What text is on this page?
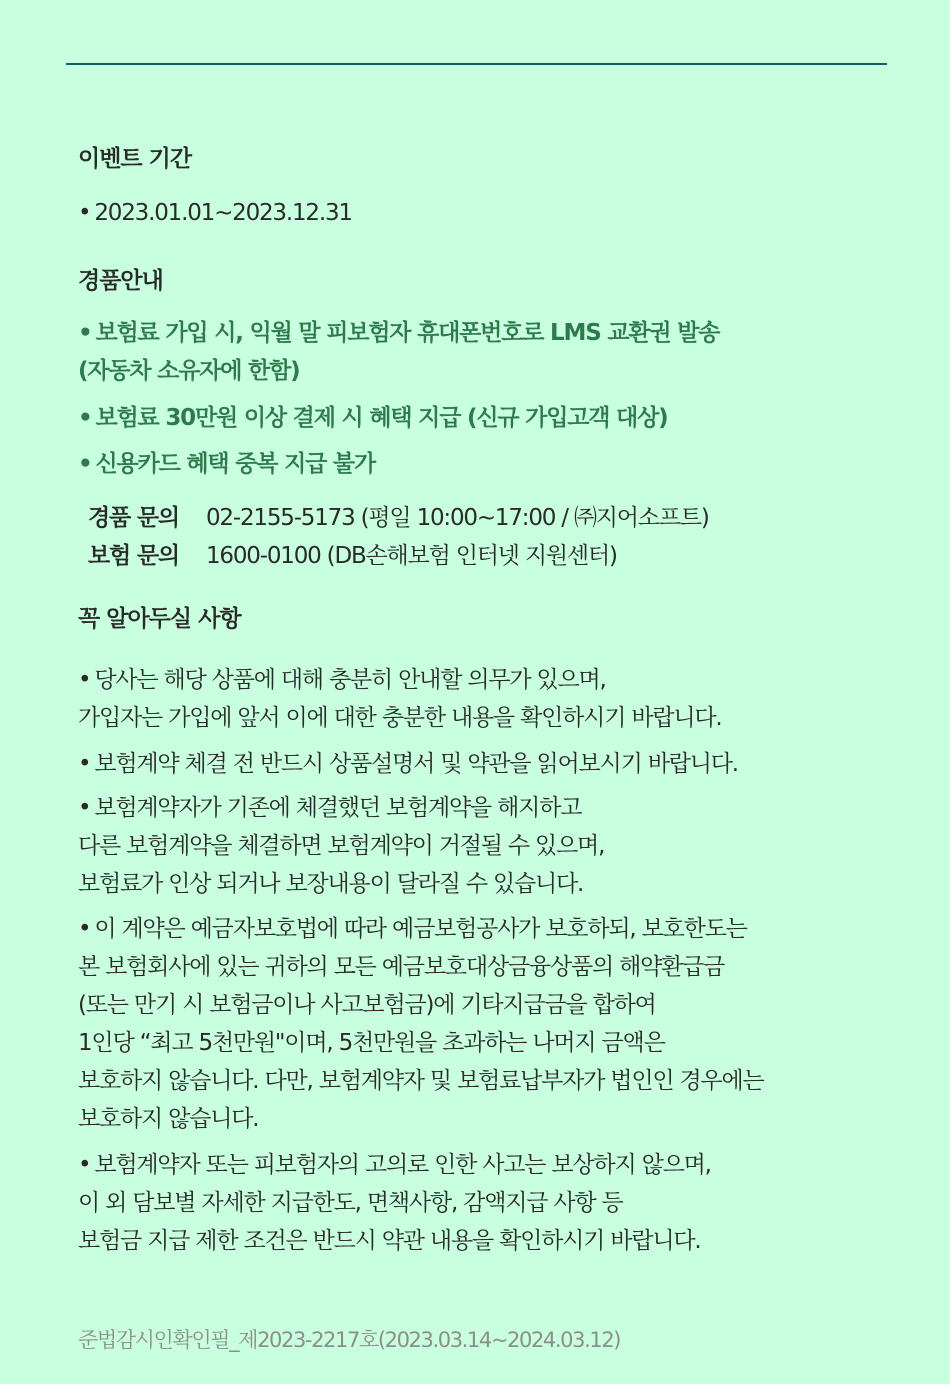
이벤트 기간
• 2023.01.01~2023.12.31
경품안내
• 보험료 가입 시, 익월 말 피보험자 휴대폰번호로 LMS 교환권 발송
(자동차 소유자에 한함)
• 보험료 30만원 이상 결제 시 혜택 지급 (신규 가입고객 대상)
• 신용카드 혜택 중복 지급 불가
경품 문의 02-2155-5173 (평일 10:00~17:00 / ㈜지어소프트)
보험 문의 1600-0100 (DB손해보험 인터넷 지원센터)
꼭 알아두실 사항
• 당사는 해당 상품에 대해 충분히 안내할 의무가 있으며,
가입자는 가입에 앞서 이에 대한 충분한 내용을 확인하시기 바랍니다.
• 보험계약 체결 전 반드시 상품설명서 및 약관을 읽어보시기 바랍니다.
• 보험계약자가 기존에 체결했던 보험계약을 해지하고
다른 보험계약을 체결하면 보험계약이 거절될 수 있으며,
보험료가 인상 되거나 보장내용이 달라질 수 있습니다.
• 이 계약은 예금자보호법에 따라 예금보험공사가 보호하되, 보호한도는
본 보험회사에 있는 귀하의 모든 예금보호대상금융상품의 해약환급금
(또는 만기 시 보험금이나 사고보험금)에 기타지급금을 합하여
1인당 “최고 5천만원"이며, 5천만원을 초과하는 나머지 금액은
보호하지 않습니다. 다만, 보험계약자 및 보험료납부자가 법인인 경우에는
보호하지 않습니다.
• 보험계약자 또는 피보험자의 고의로 인한 사고는 보상하지 않으며,
이 외 담보별 자세한 지급한도, 면책사항, 감액지급 사항 등
보험금 지급 제한 조건은 반드시 약관 내용을 확인하시기 바랍니다.
준법감시인확인필_제2023-2217호(2023.03.14~2024.03.12)
